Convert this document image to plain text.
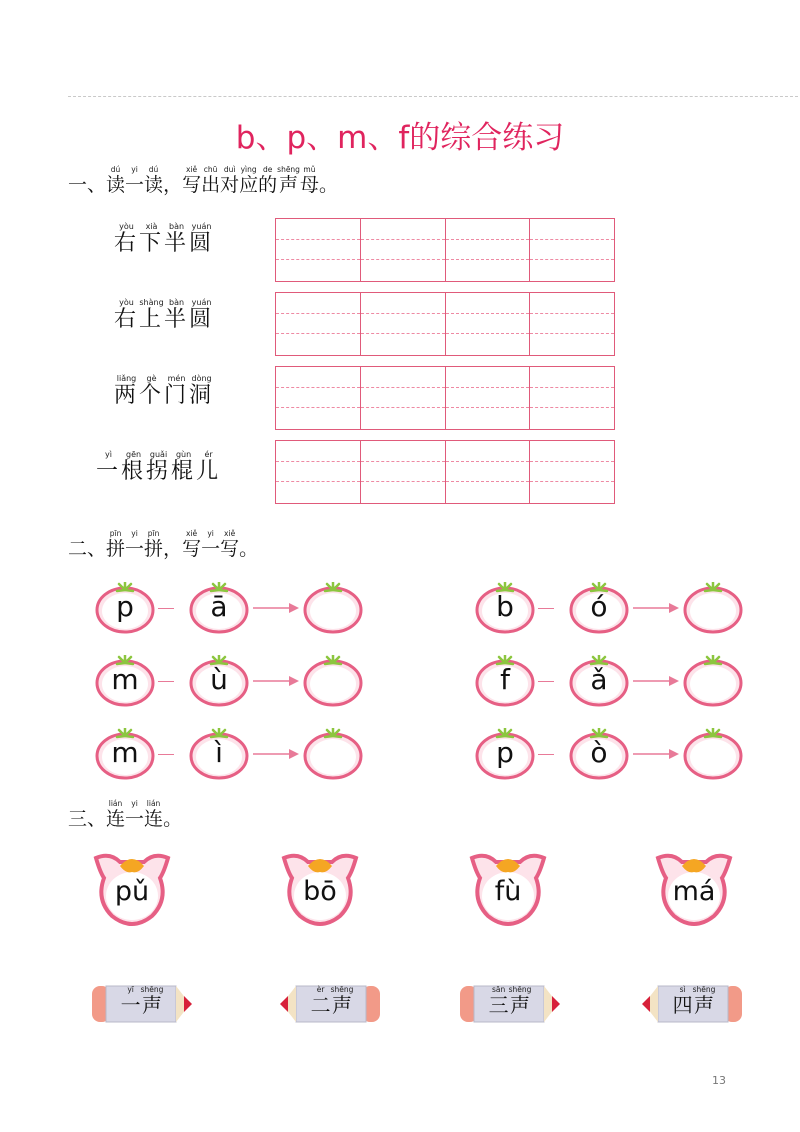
b、p、m、f的综合练习
一、读dú一yi读dú，写xiě出chū对duì应yìng的de声shēng母mǔ。
右yòu下xià半bàn圆yuán
右yòu上shàng半bàn圆yuán
两liǎng个gè门mén洞dòng
一yì根gēn拐guǎi棍gùn儿ér
二、拼pīn一yi拼pīn，写xiě一yi写xiě。
p	ā
m	ù
m	ì
b	ó
f	ǎ
p	ò
三、连lián一yi连lián。
pǔ	bō	fù	má
一yī声shēng
二èr声shēng
三sān声shēng
四sì声shēng
13
